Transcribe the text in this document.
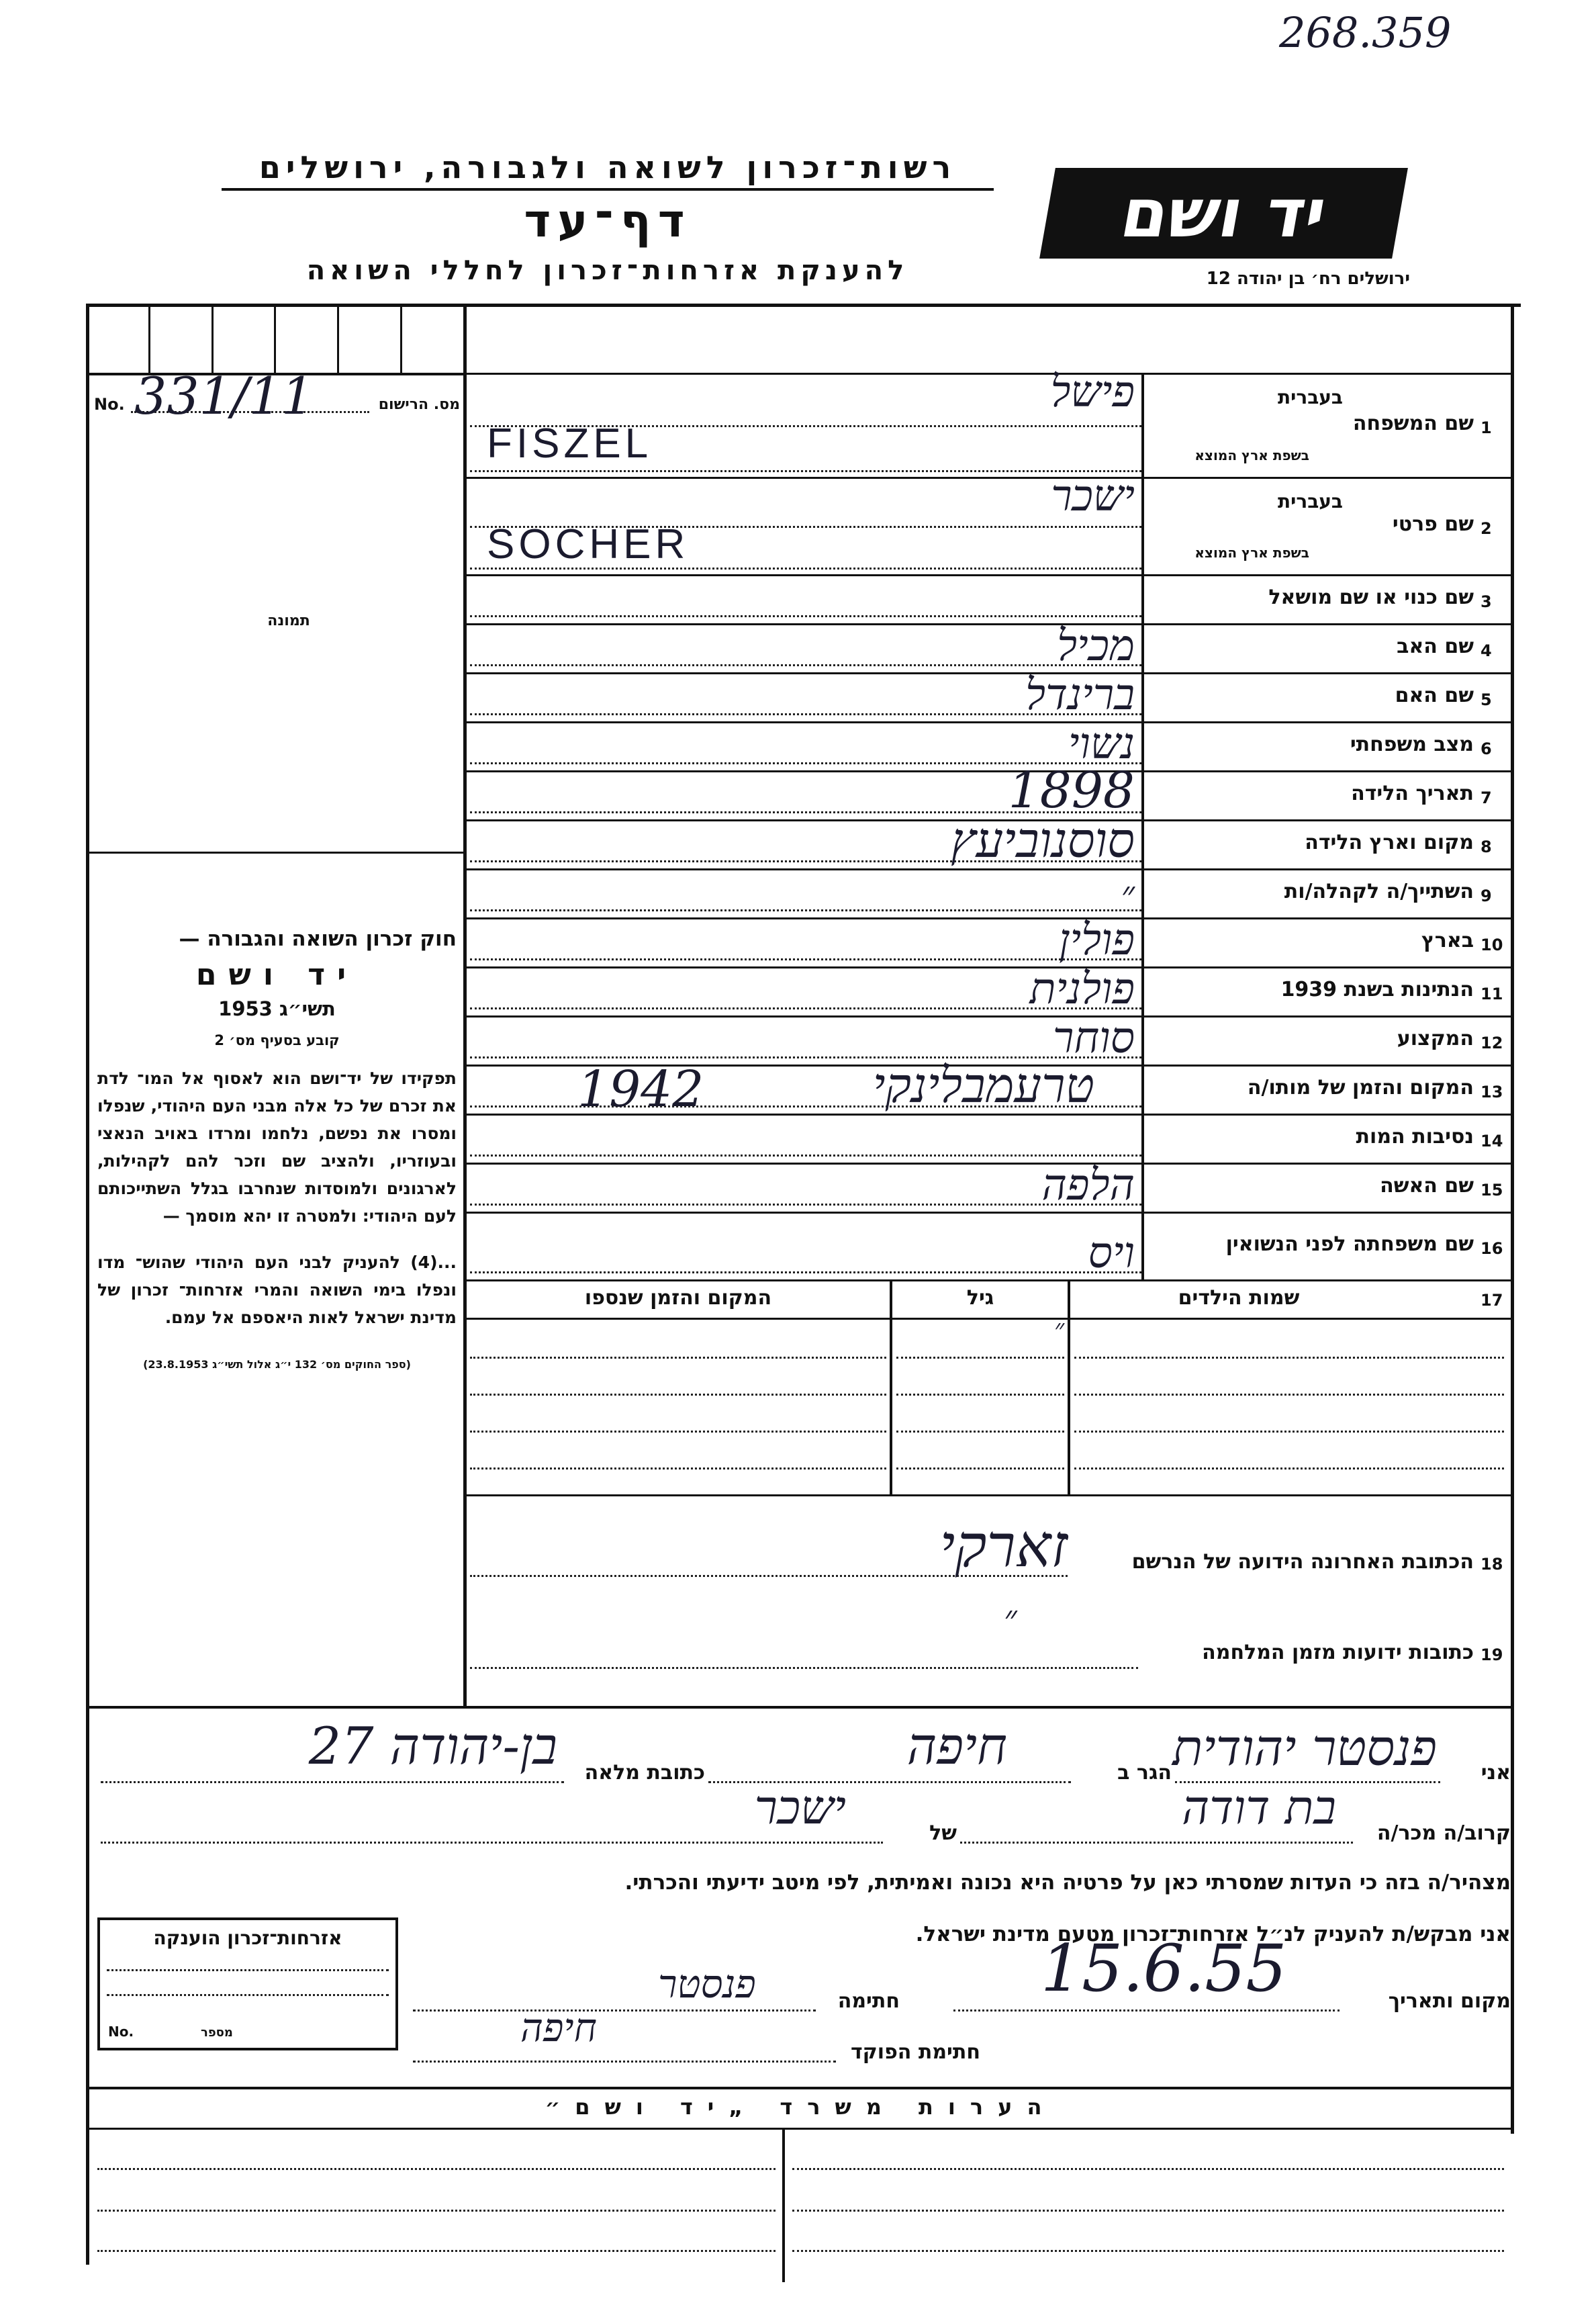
268.359
רשות־זכרון לשואה ולגבורה, ירושלים
דף־עד
להענקת אזרחות־זכרון לחללי השואה
יד ושם
ירושלים רח׳ בן יהודה 12
No. 331/11	מס. הרישום
תמונה
חוק זכרון השואה והגבורה —
יד ושם
תשי״ג 1953
קובע בסעיף מס׳ 2
תפקידו של יד־ושם הוא לאסוף אל המו־ לדת את זכרם של כל אלה מבני העם היהודי, שנפלו ומסרו את נפשם, נלחמו ומרדו באויב הנאצי ובעוזריו, ולהציב שם וזכר להם לקהילות, לארגונים ולמוסדות שנחרבו בגלל השתייכותם לעם היהודי: ולמטרה זו יהא מוסמך —
...(4) להעניק לבני העם היהודי שהוש־ מדו ונפלו בימי השואה והמרי אזרחות־ זכרון של מדינת ישראל לאות היאספם אל עמם.
(ספר החוקים מס׳ 132 י״ג אלול תשי״ג 23.8.1953)
1
שם המשפחה
בעברית
בשפת ארץ המוצא
פישל
FISZEL
2
שם פרטי
בעברית
בשפת ארץ המוצא
ישכר
SOCHER
3
שם כנוי או שם מושאל
4
שם האב
מכיל
5
שם האם
ברינדל
6
מצב משפחתי
נשוי
7
תאריך הלידה
1898
8
מקום וארץ הלידה
סוסנוביעץ
9
השתייך/ה לקהלה/ות
״
10
בארץ
פולין
11
הנתינות בשנת 1939
פולנית
12
המקצוע
סוחר
13
המקום והזמן של מותו/ה
טרעמבלינקי
1942
14
נסיבות המות
15
שם האשה
הלפה
16
שם משפחתה לפני הנשואין
ויס
17
שמות הילדים
גיל
המקום והזמן שנספו
״
18
הכתובת האחרונה הידועה של הנרשם
זארקי
19
כתובות ידועות מזמן המלחמה
״
אני
פנסטר יהודית
הגר ב
חיפה
כתובת מלאה
בן-יהודה 27
קרוב/ה מכר/ה
בת דודה
של
ישכר
מצהיר/ה בזה כי העדות שמסרתי כאן על פרטיה היא נכונה ואמיתית, לפי מיטב ידיעתי והכרתי.
אני מבקש/ת להעניק לנ״ל אזרחות־זכרון מטעם מדינת ישראל.
אזרחות־זכרון הוענקה
No.	מספר
מקום ותאריך
15.6.55
חתימה
פנסטר
חתימת הפוקד
חיפה
הערות משרד „יד ושם״
